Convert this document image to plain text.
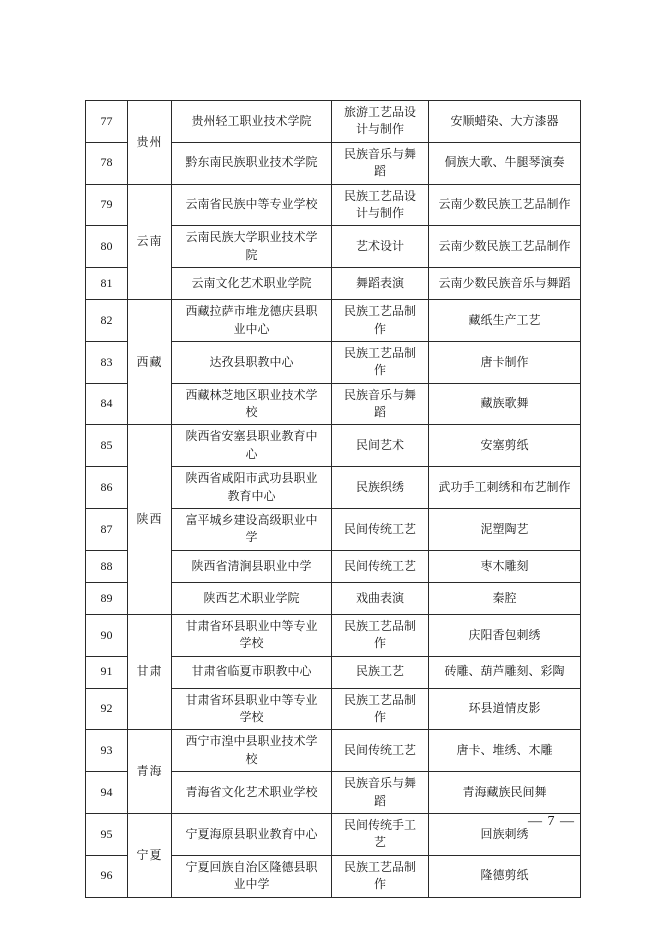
77	贵州	贵州轻工职业技术学院	旅游工艺品设计与制作	安顺蜡染、大方漆器
78		黔东南民族职业技术学院	民族音乐与舞蹈	侗族大歌、牛腿琴演奏
79	云南	云南省民族中等专业学校	民族工艺品设计与制作	云南少数民族工艺品制作
80		云南民族大学职业技术学院	艺术设计	云南少数民族工艺品制作
81		云南文化艺术职业学院	舞蹈表演	云南少数民族音乐与舞蹈
82	西藏	西藏拉萨市堆龙德庆县职业中心	民族工艺品制作	藏纸生产工艺
83		达孜县职教中心	民族工艺品制作	唐卡制作
84		西藏林芝地区职业技术学校	民族音乐与舞蹈	藏族歌舞
85	陕西	陕西省安塞县职业教育中心	民间艺术	安塞剪纸
86		陕西省咸阳市武功县职业教育中心	民族织绣	武功手工刺绣和布艺制作
87		富平城乡建设高级职业中学	民间传统工艺	泥塑陶艺
88		陕西省清涧县职业中学	民间传统工艺	枣木雕刻
89		陕西艺术职业学院	戏曲表演	秦腔
90	甘肃	甘肃省环县职业中等专业学校	民族工艺品制作	庆阳香包刺绣
91		甘肃省临夏市职教中心	民族工艺	砖雕、葫芦雕刻、彩陶
92		甘肃省环县职业中等专业学校	民族工艺品制作	环县道情皮影
93	青海	西宁市湟中县职业技术学校	民间传统工艺	唐卡、堆绣、木雕
94		青海省文化艺术职业学校	民族音乐与舞蹈	青海藏族民间舞
95	宁夏	宁夏海原县职业教育中心	民间传统手工艺	回族刺绣
96		宁夏回族自治区隆德县职业中学	民族工艺品制作	隆德剪纸
— 7 —
